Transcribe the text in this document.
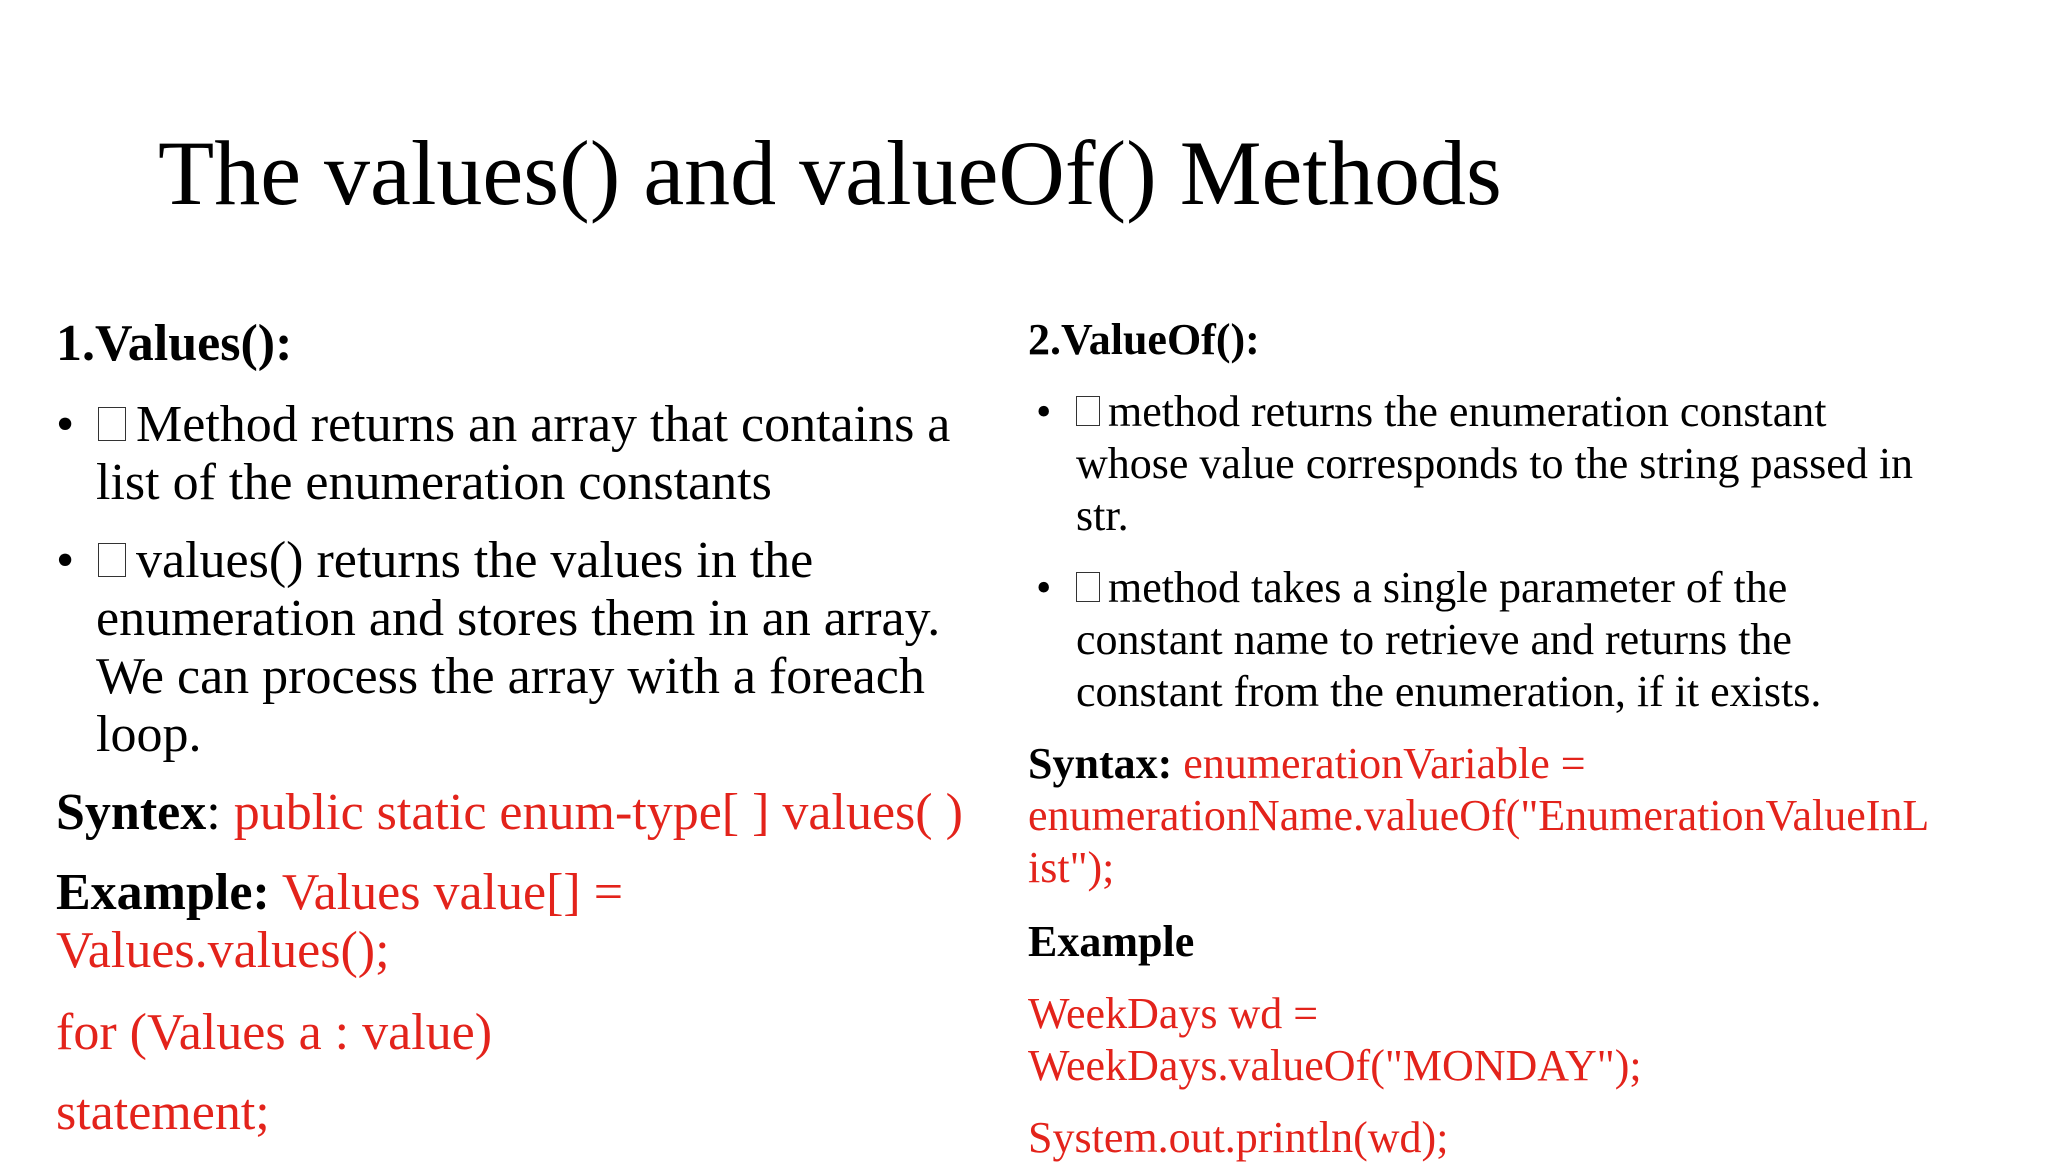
The values() and valueOf() Methods
1.Values():
•	Method returns an array that contains a
list of the enumeration constants
•	values() returns the values in the
enumeration and stores them in an array.
We can process the array with a foreach
loop.
Syntex: public static enum-type[ ] values( )
Example: Values value[] =
Values.values();
for (Values a : value)
statement;
2.ValueOf():
•	method returns the enumeration constant
whose value corresponds to the string passed in
str.
•	method takes a single parameter of the
constant name to retrieve and returns the
constant from the enumeration, if it exists.
Syntax: enumerationVariable =
enumerationName.valueOf("EnumerationValueInL
ist");
Example
WeekDays wd =
WeekDays.valueOf("MONDAY");
System.out.println(wd);
